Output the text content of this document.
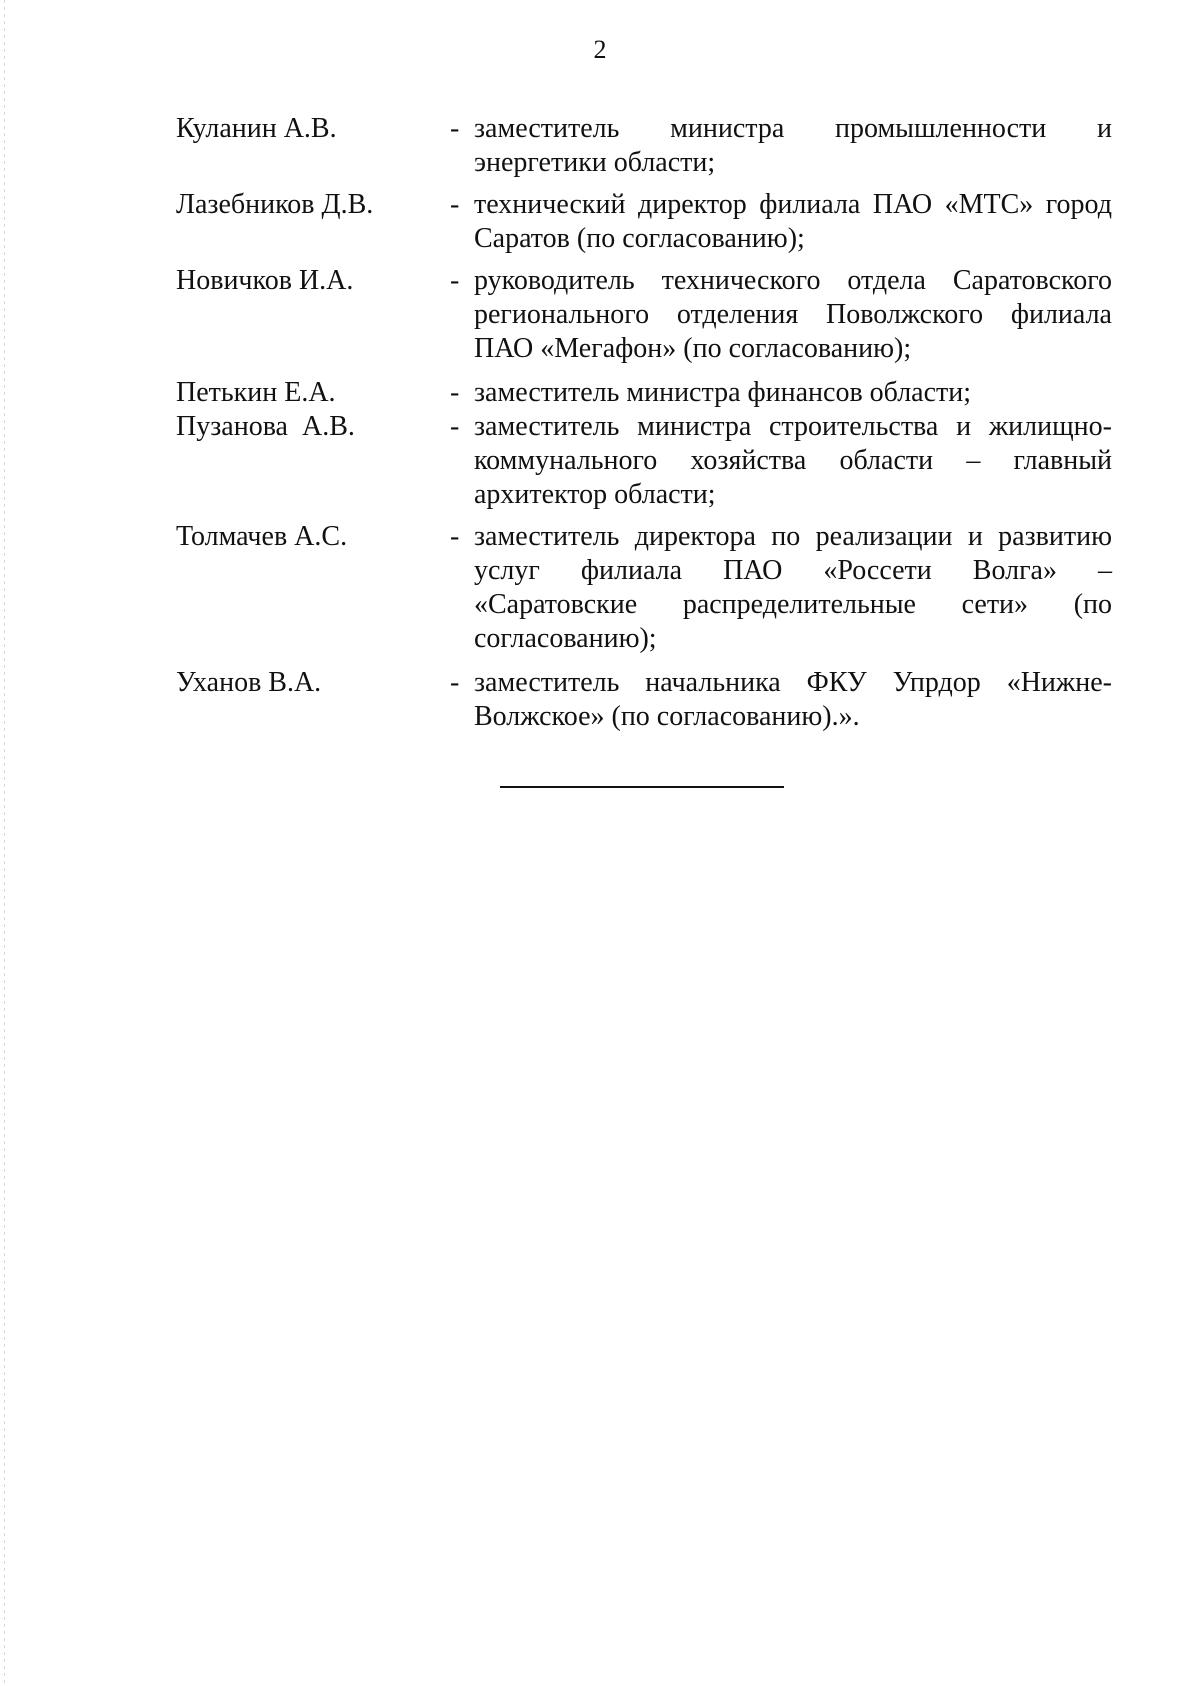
2
Куланин А.В.	- заместитель министра промышленности и энергетики области;
Лазебников Д.В.	- технический директор филиала ПАО «МТС» город Саратов (по согласованию);
Новичков И.А.	- руководитель технического отдела Саратовского регионального отделения Поволжского филиала ПАО «Мегафон» (по согласованию);
Петькин Е.А.	- заместитель министра финансов области;
Пузанова  А.В.	- заместитель министра строительства и жилищно-коммунального хозяйства области – главный архитектор области;
Толмачев А.С.	- заместитель директора по реализации и развитию услуг филиала ПАО «Россети Волга» – «Саратовские распределительные сети» (по согласованию);
Уханов В.А.	- заместитель начальника ФКУ Упрдор «Нижне-Волжское» (по согласованию).».
